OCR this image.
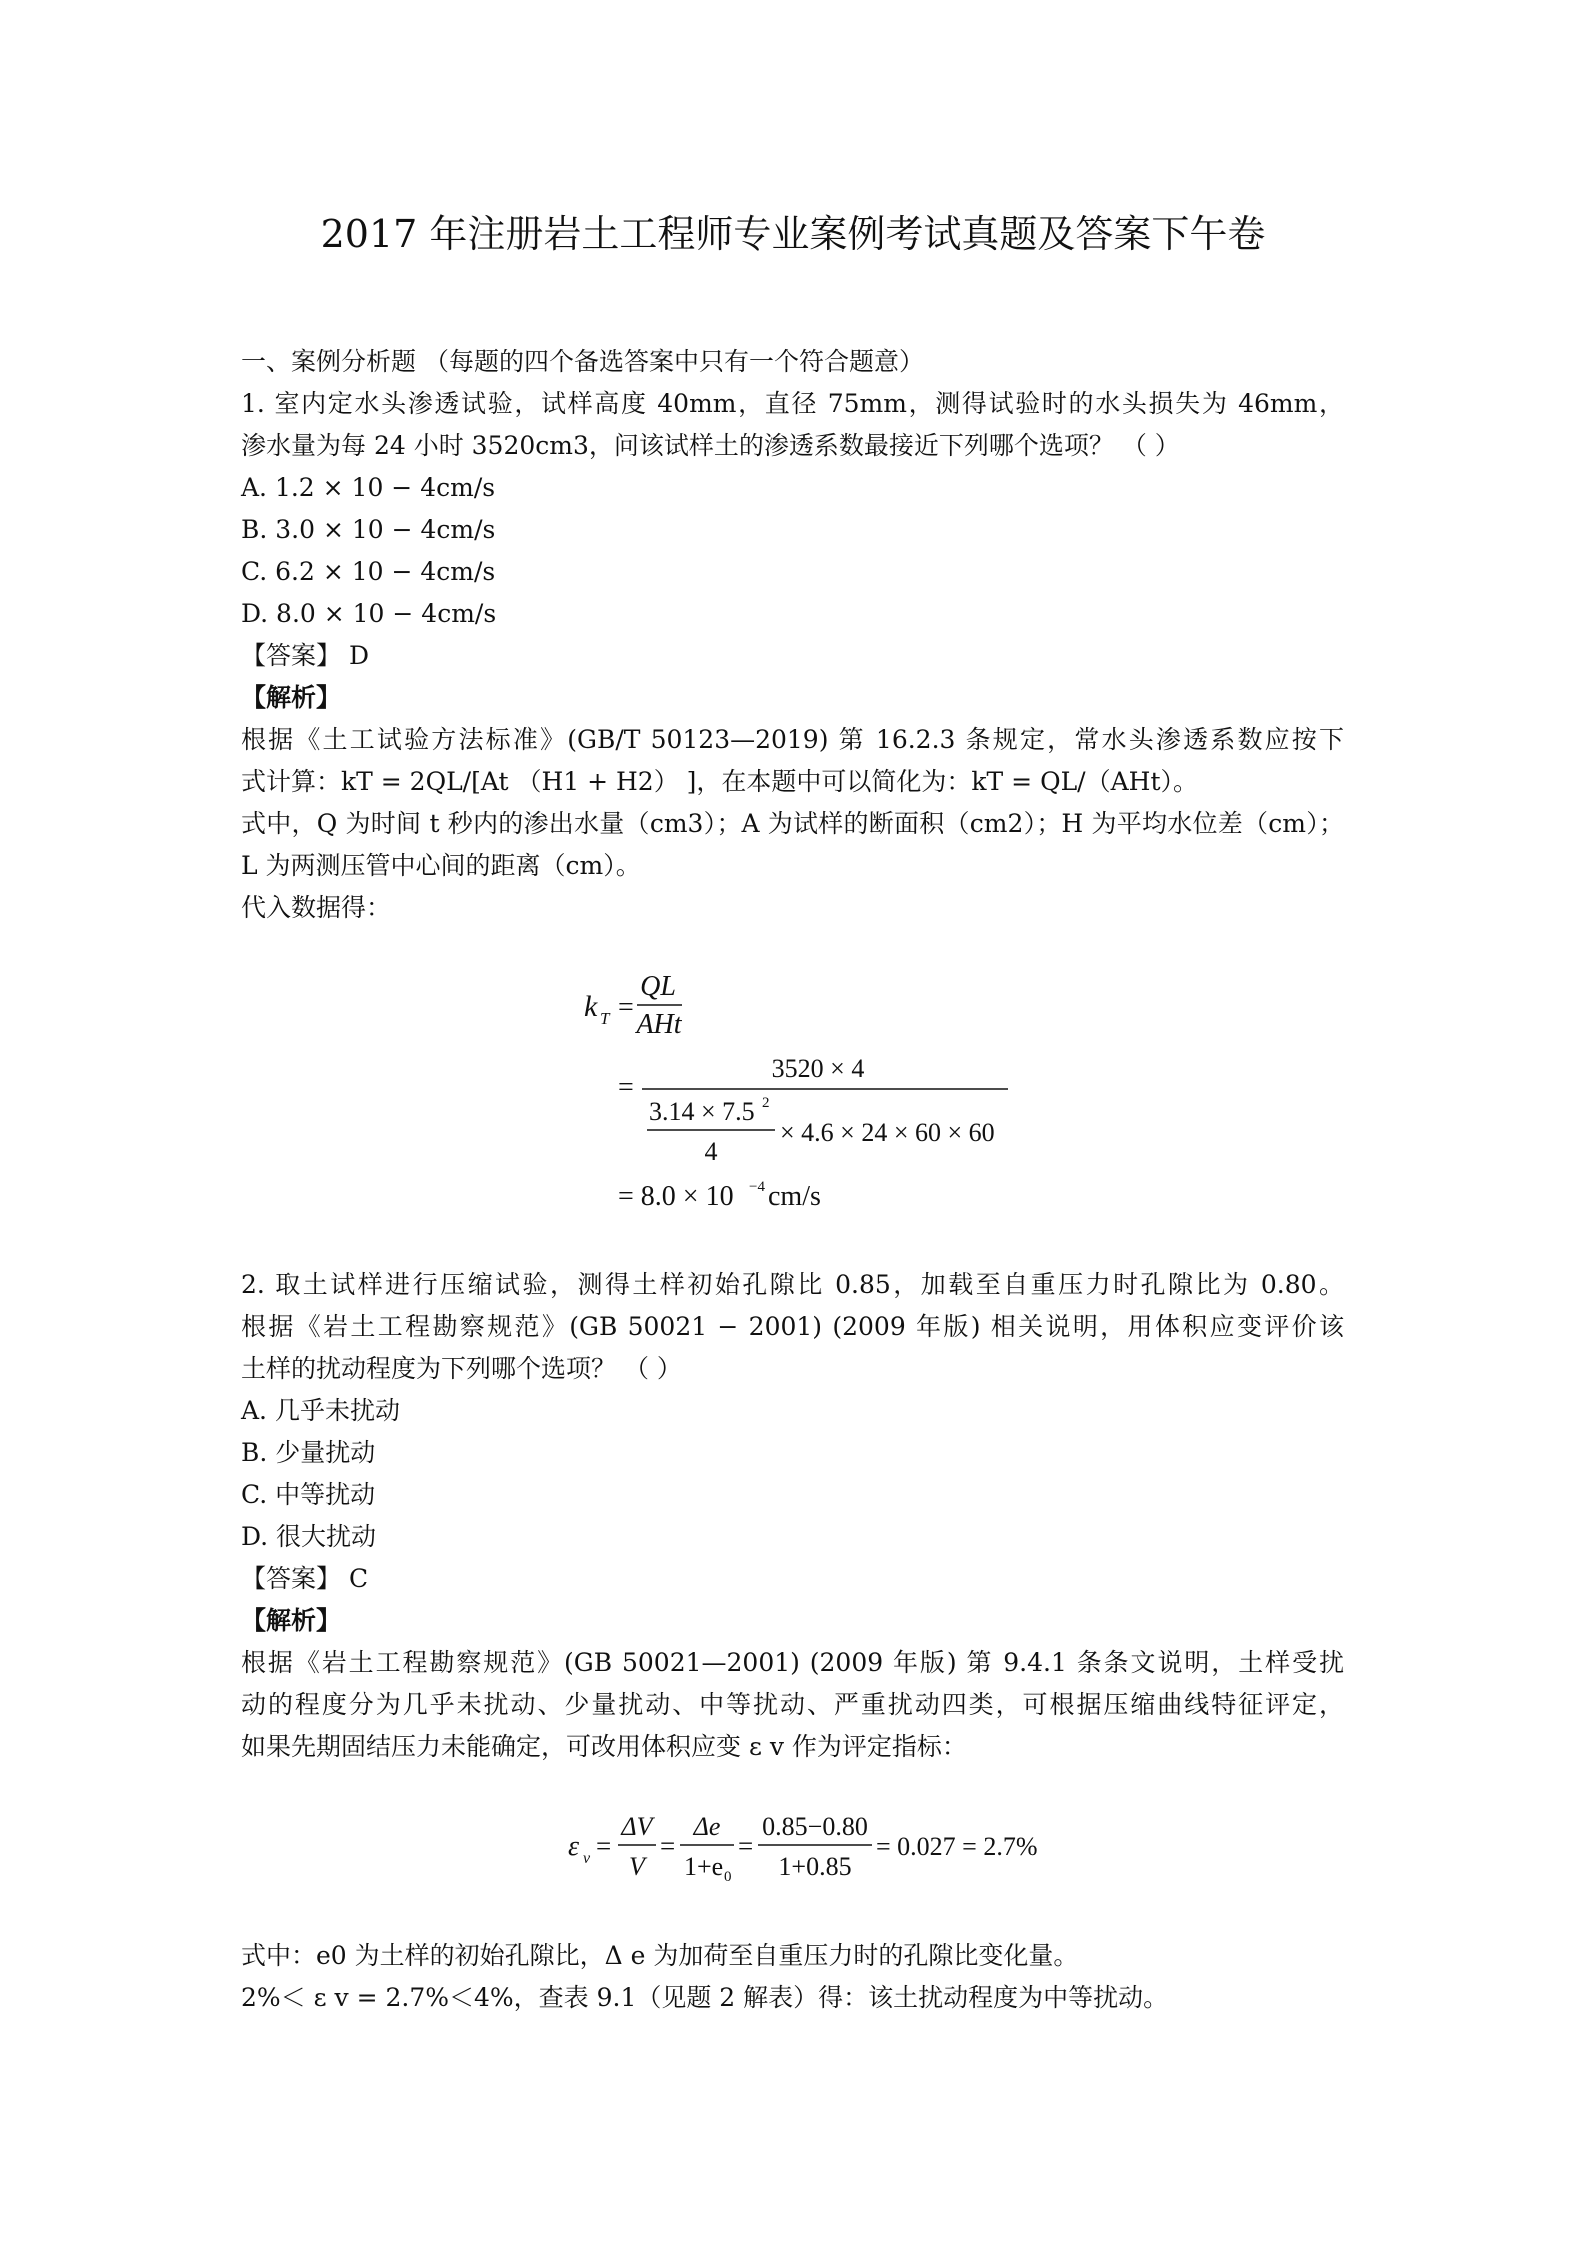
2017 年注册岩土工程师专业案例考试真题及答案下午卷
一、案例分析题 （每题的四个备选答案中只有一个符合题意）
1. 室内定水头渗透试验，试样高度 40mm，直径 75mm，测得试验时的水头损失为 46mm，
渗水量为每 24 小时 3520cm3，问该试样土的渗透系数最接近下列哪个选项？ （ ）
A. 1.2 × 10 − 4cm/s
B. 3.0 × 10 − 4cm/s
C. 6.2 × 10 − 4cm/s
D. 8.0 × 10 − 4cm/s
【答案】 D
【解析】
根据《土工试验方法标准》(GB/T 50123—2019) 第 16.2.3 条规定，常水头渗透系数应按下
式计算：kT = 2QL/[At （H1 + H2） ]，在本题中可以简化为：kT = QL/（AHt）。
式中，Q 为时间 t 秒内的渗出水量（cm3）；A 为试样的断面积（cm2）；H 为平均水位差（cm）；
L 为两测压管中心间的距离（cm）。
代入数据得：
k T =
QL
AHt
=
3520 × 4
3.14 × 7.5 2
4
× 4.6 × 24 × 60 × 60
= 8.0 × 10 −4 cm/s
2. 取土试样进行压缩试验，测得土样初始孔隙比 0.85，加载至自重压力时孔隙比为 0.80。
根据《岩土工程勘察规范》(GB 50021 − 2001) (2009 年版) 相关说明，用体积应变评价该
土样的扰动程度为下列哪个选项？ （ ）
A. 几乎未扰动
B. 少量扰动
C. 中等扰动
D. 很大扰动
【答案】 C
【解析】
根据《岩土工程勘察规范》(GB 50021—2001) (2009 年版) 第 9.4.1 条条文说明，土样受扰
动的程度分为几乎未扰动、少量扰动、中等扰动、严重扰动四类，可根据压缩曲线特征评定，
如果先期固结压力未能确定，可改用体积应变 ε v 作为评定指标：
ε v =
ΔV
V
=
Δe
1+e 0
=
0.85−0.80
1+0.85
= 0.027 = 2.7%
式中：e0 为土样的初始孔隙比，Δ e 为加荷至自重压力时的孔隙比变化量。
2%＜ ε v = 2.7%＜4%，查表 9.1（见题 2 解表）得：该土扰动程度为中等扰动。
